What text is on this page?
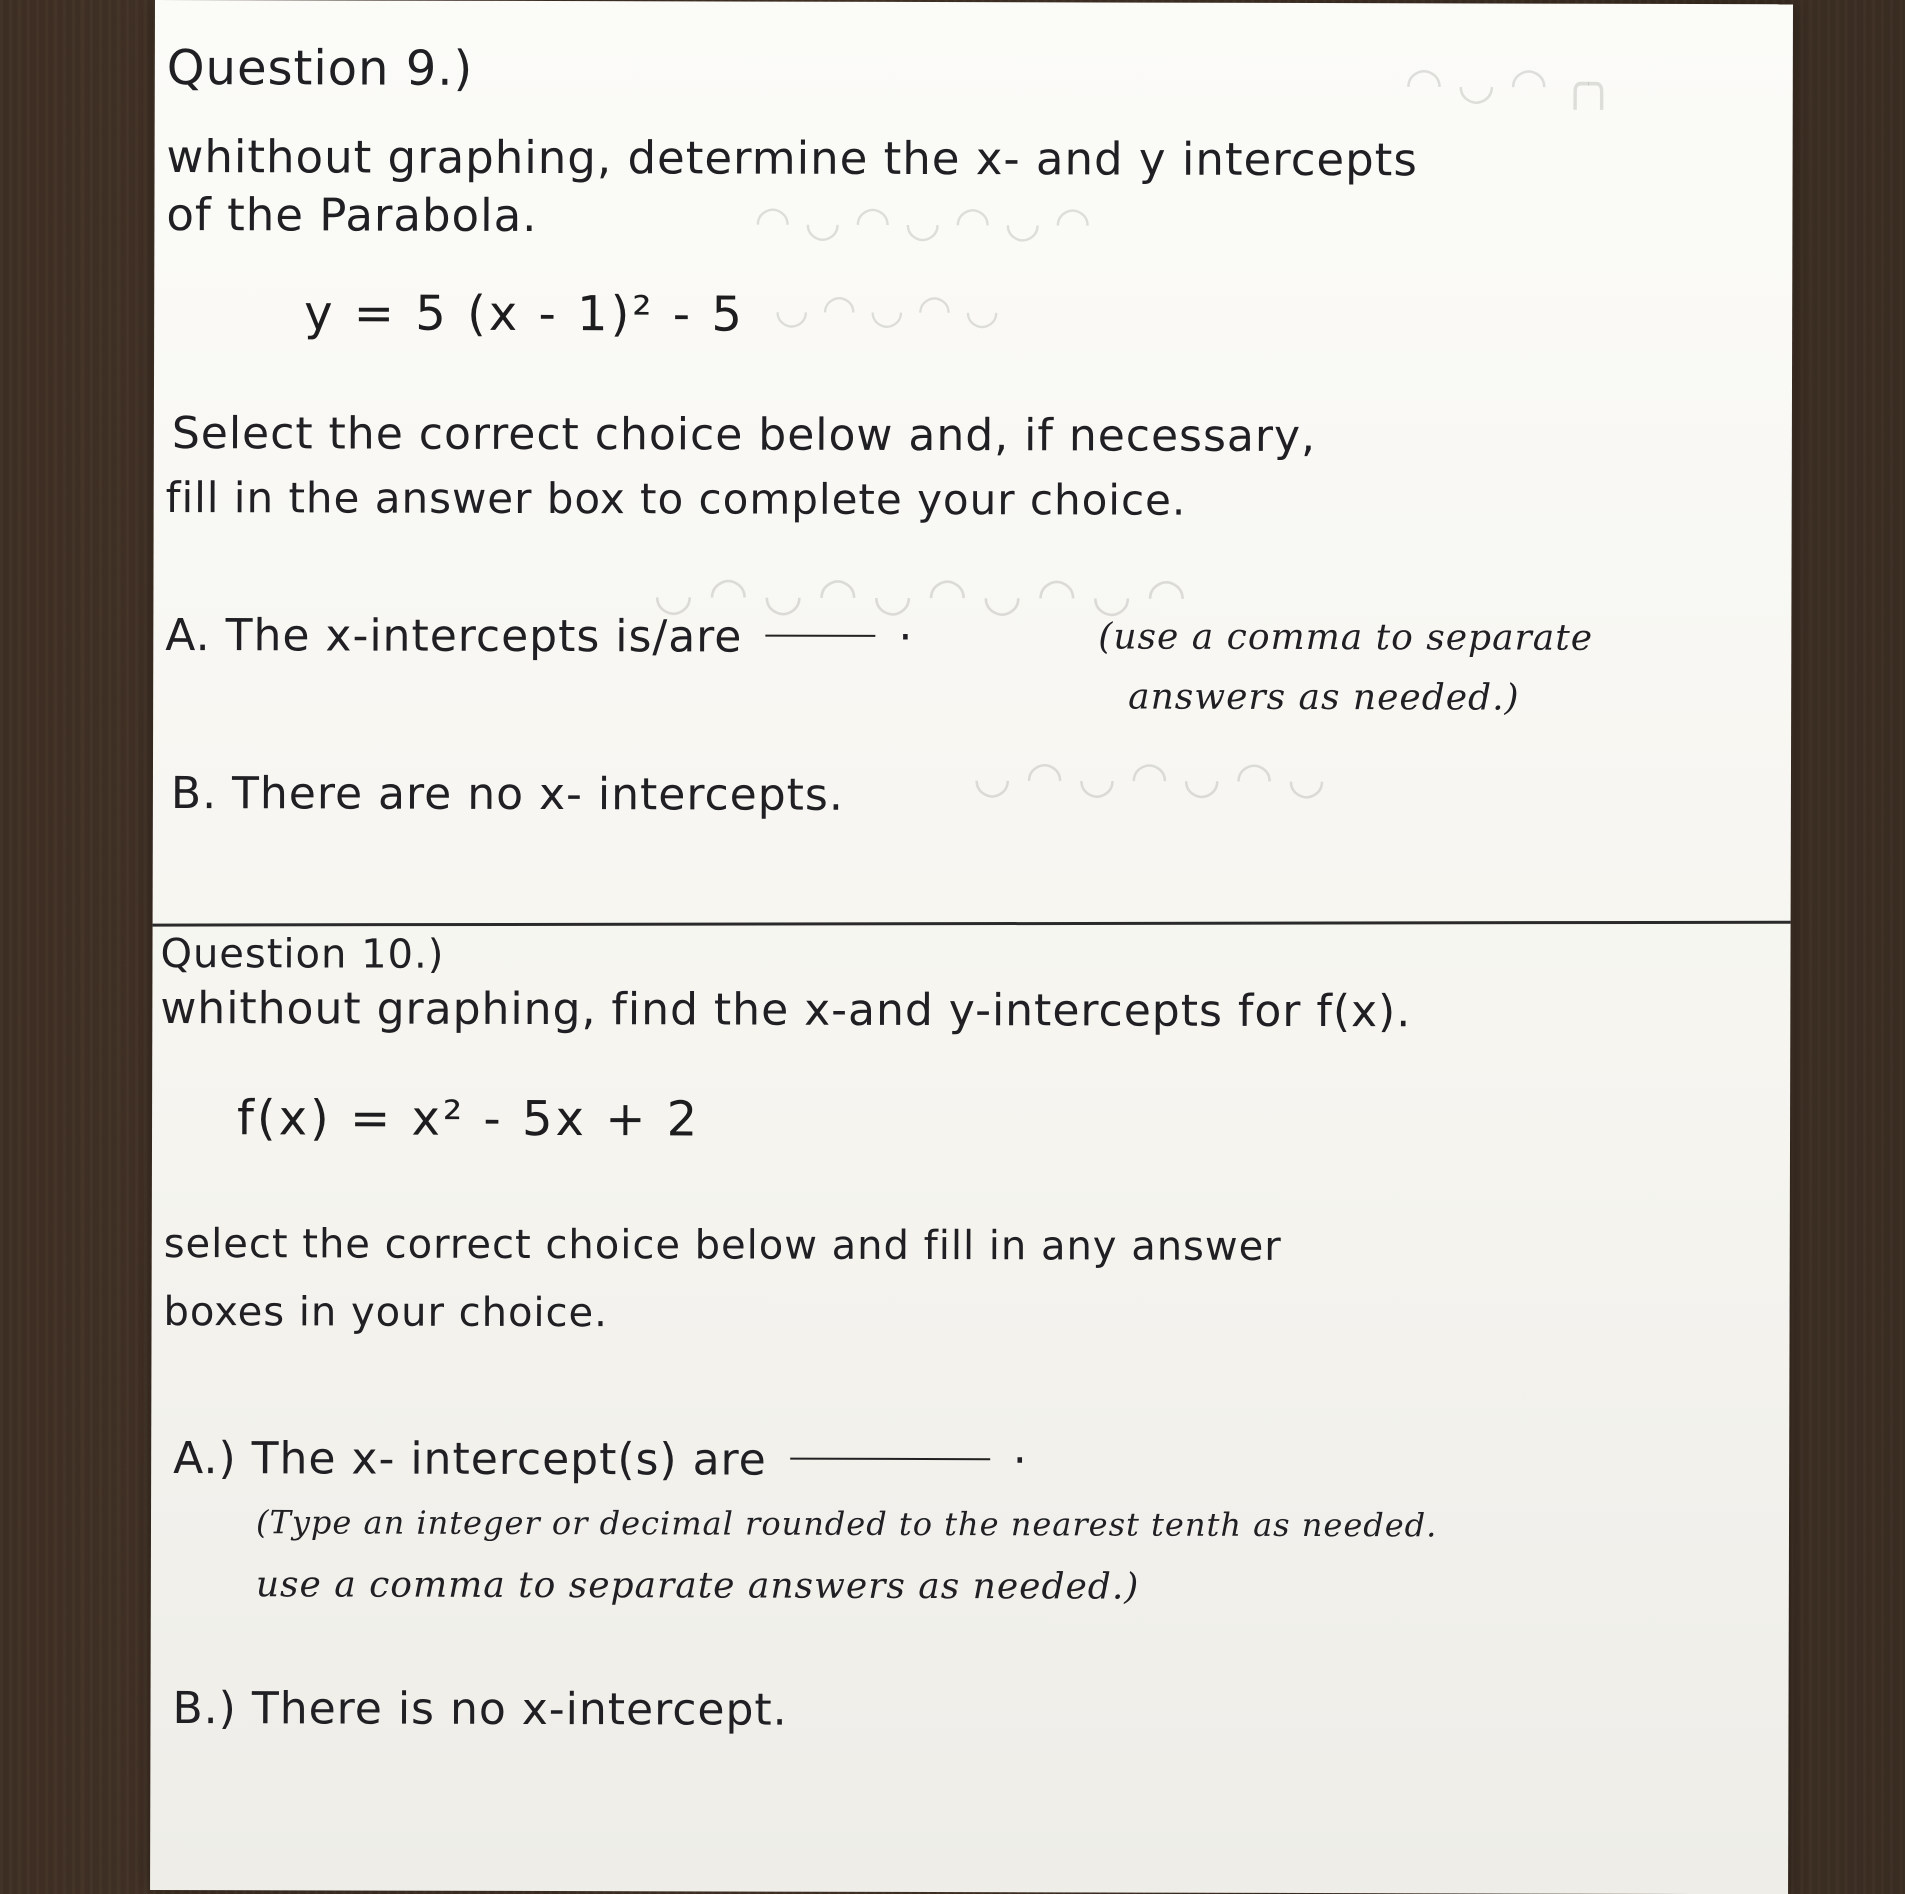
╭╮ ◠ ◡ ◠
◠ ◡ ◠ ◡ ◠ ◡ ◠
◡ ◠ ◡ ◠ ◡
◠ ◡ ◠ ◡ ◠ ◡ ◠ ◡ ◠ ◡
◡ ◠ ◡ ◠ ◡ ◠ ◡
Question 9.)
whithout graphing, determine the x- and y intercepts
of the Parabola.
y = 5 (x - 1)² - 5
Select the correct choice below and, if necessary,
fill in the answer box to complete your choice.
A. The x-intercepts is/are	·	(use a comma to separate
answers as needed.)
B. There are no x- intercepts.
Question 10.)
whithout graphing, find the x-and y-intercepts for f(x).
f(x) = x² - 5x + 2
select the correct choice below and fill in any answer
boxes in your choice.
A.) The x- intercept(s) are	·
(Type an integer or decimal rounded to the nearest tenth as needed.
use a comma to separate answers as needed.)
B.) There is no x-intercept.
